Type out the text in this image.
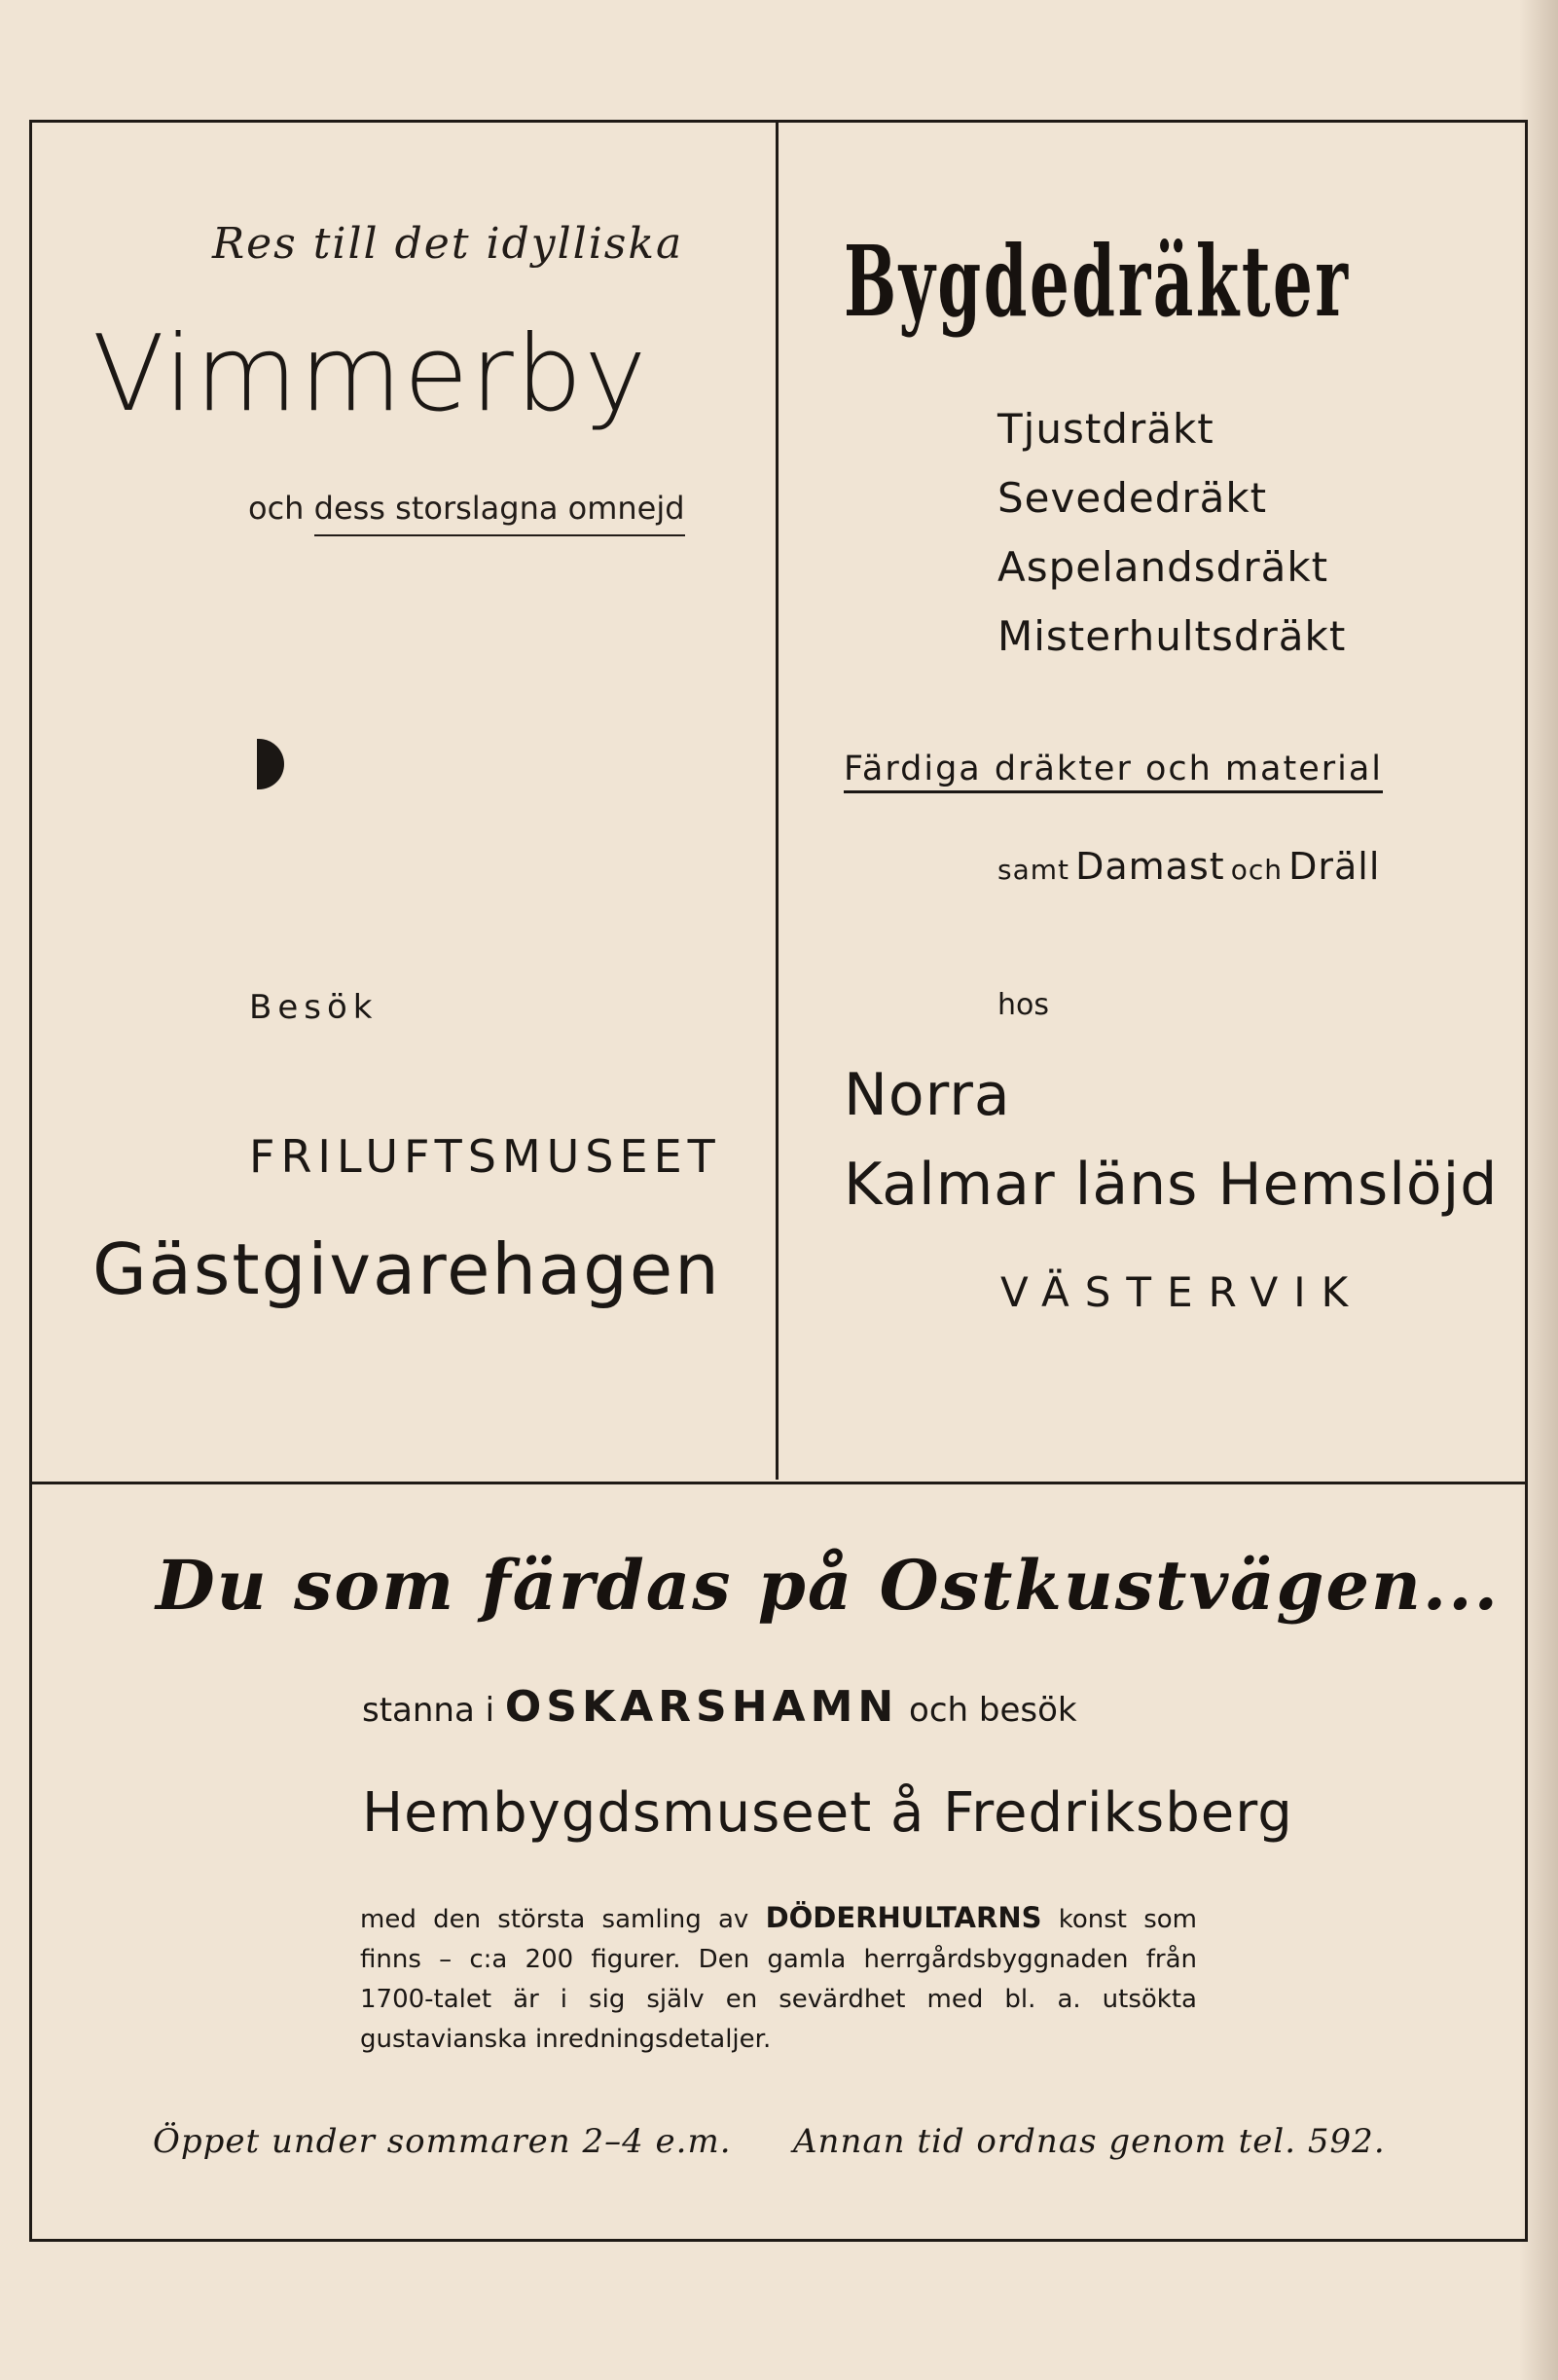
Res till det idylliska
Vimmerby
och dess storslagna omnejd
Besök
FRILUFTSMUSEET
Gästgivarehagen
Bygdedräkter
Tjustdräkt
Sevededräkt
Aspelandsdräkt
Misterhultsdräkt
Färdiga dräkter och material
samt Damast och Dräll
hos
Norra
Kalmar läns Hemslöjd
VÄSTERVIK
Du som färdas på Ostkustvägen...
stanna i OSKARSHAMN och besök
Hembygdsmuseet å Fredriksberg
med den största samling av DÖDERHULTARNS konst som finns – c:a 200 figurer. Den gamla herrgårdsbyggnaden från 1700-talet är i sig själv en sevärdhet med bl. a. utsökta gustavianska inredningsdetaljer.
Öppet under sommaren 2–4 e.m. Annan tid ordnas genom tel. 592.
